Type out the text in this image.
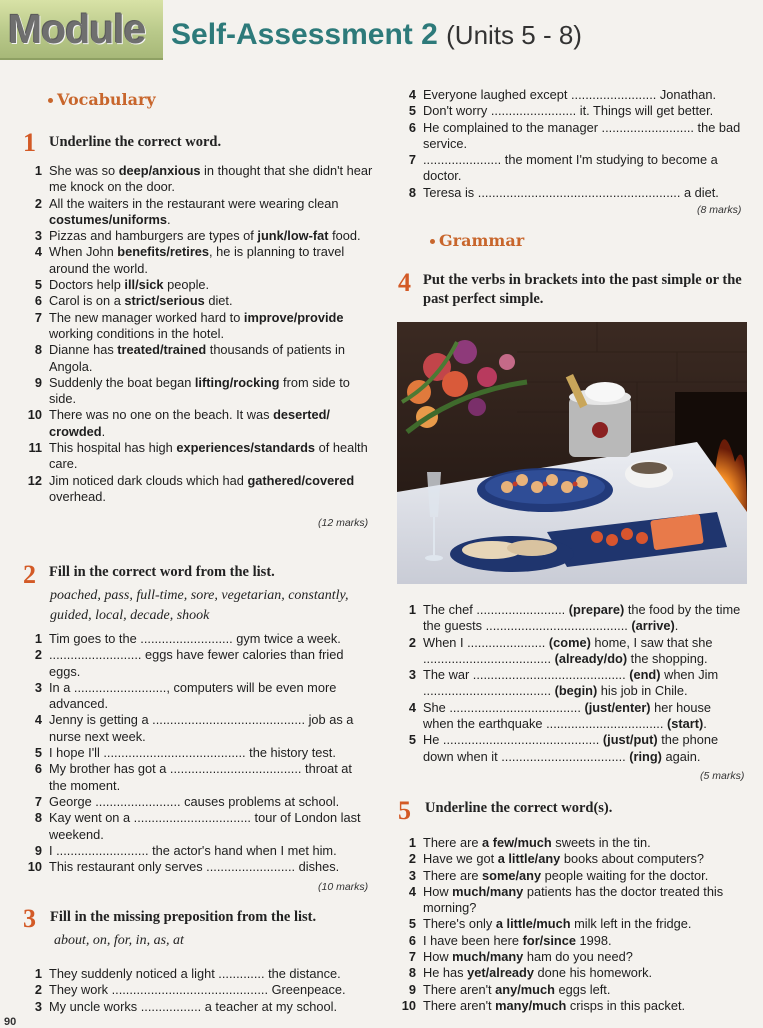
Module Self-Assessment 2 (Units 5 - 8)
Vocabulary
1 Underline the correct word.
1 She was so deep/anxious in thought that she didn't hear me knock on the door.
2 All the waiters in the restaurant were wearing clean costumes/uniforms.
3 Pizzas and hamburgers are types of junk/low-fat food.
4 When John benefits/retires, he is planning to travel around the world.
5 Doctors help ill/sick people.
6 Carol is on a strict/serious diet.
7 The new manager worked hard to improve/provide working conditions in the hotel.
8 Dianne has treated/trained thousands of patients in Angola.
9 Suddenly the boat began lifting/rocking from side to side.
10 There was no one on the beach. It was deserted/ crowded.
11 This hospital has high experiences/standards of health care.
12 Jim noticed dark clouds which had gathered/covered overhead.
(12 marks)
2 Fill in the correct word from the list.
poached, pass, full-time, sore, vegetarian, constantly, guided, local, decade, shook
1 Tim goes to the .......................... gym twice a week.
2 .......................... eggs have fewer calories than fried eggs.
3 In a .........................., computers will be even more advanced.
4 Jenny is getting a ........................................... job as a nurse next week.
5 I hope I'll ........................................ the history test.
6 My brother has got a ..................................... throat at the moment.
7 George ........................ causes problems at school.
8 Kay went on a ................................. tour of London last weekend.
9 I .......................... the actor's hand when I met him.
10 This restaurant only serves ......................... dishes.
(10 marks)
3 Fill in the missing preposition from the list.
about, on, for, in, as, at
1 They suddenly noticed a light ............. the distance.
2 They work ............................................ Greenpeace.
3 My uncle works ................. a teacher at my school.
4 Everyone laughed except ........................ Jonathan.
5 Don't worry ........................ it. Things will get better.
6 He complained to the manager .......................... the bad service.
7 ...................... the moment I'm studying to become a doctor.
8 Teresa is ......................................................... a diet.
(8 marks)
Grammar
4 Put the verbs in brackets into the past simple or the past perfect simple.
1 The chef ......................... (prepare) the food by the time the guests ........................................ (arrive).
2 When I ...................... (come) home, I saw that she .................................... (already/do) the shopping.
3 The war ........................................... (end) when Jim .................................... (begin) his job in Chile.
4 She ..................................... (just/enter) her house when the earthquake ................................. (start).
5 He ............................................ (just/put) the phone down when it ................................... (ring) again.
(5 marks)
5 Underline the correct word(s).
1 There are a few/much sweets in the tin.
2 Have we got a little/any books about computers?
3 There are some/any people waiting for the doctor.
4 How much/many patients has the doctor treated this morning?
5 There's only a little/much milk left in the fridge.
6 I have been here for/since 1998.
7 How much/many ham do you need?
8 He has yet/already done his homework.
9 There aren't any/much eggs left.
10 There aren't many/much crisps in this packet.
90
